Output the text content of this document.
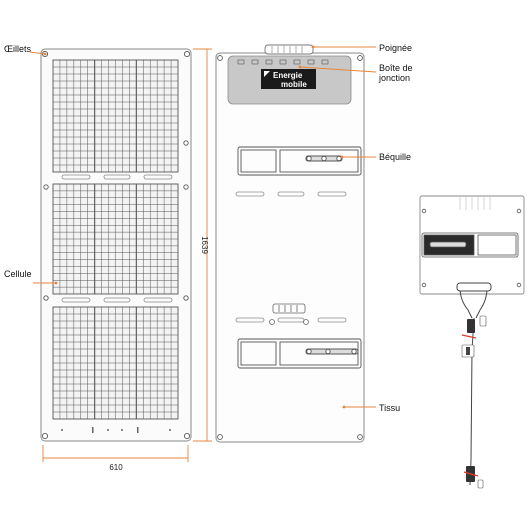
610
1639
Energie
mobile
Œillets	Poignée
Boîte de
jonction
Béquille
Cellule
Tissu
